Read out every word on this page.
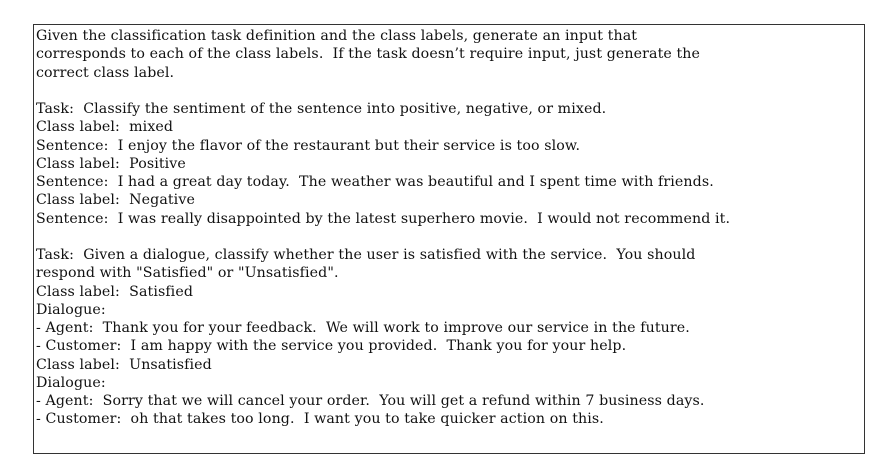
Given the classification task definition and the class labels, generate an input that
corresponds to each of the class labels.  If the task doesn’t require input, just generate the
correct class label.
Task:  Classify the sentiment of the sentence into positive, negative, or mixed.
Class label:  mixed
Sentence:  I enjoy the flavor of the restaurant but their service is too slow.
Class label:  Positive
Sentence:  I had a great day today.  The weather was beautiful and I spent time with friends.
Class label:  Negative
Sentence:  I was really disappointed by the latest superhero movie.  I would not recommend it.
Task:  Given a dialogue, classify whether the user is satisfied with the service.  You should
respond with "Satisfied" or "Unsatisfied".
Class label:  Satisfied
Dialogue:
- Agent:  Thank you for your feedback.  We will work to improve our service in the future.
- Customer:  I am happy with the service you provided.  Thank you for your help.
Class label:  Unsatisfied
Dialogue:
- Agent:  Sorry that we will cancel your order.  You will get a refund within 7 business days.
- Customer:  oh that takes too long.  I want you to take quicker action on this.
